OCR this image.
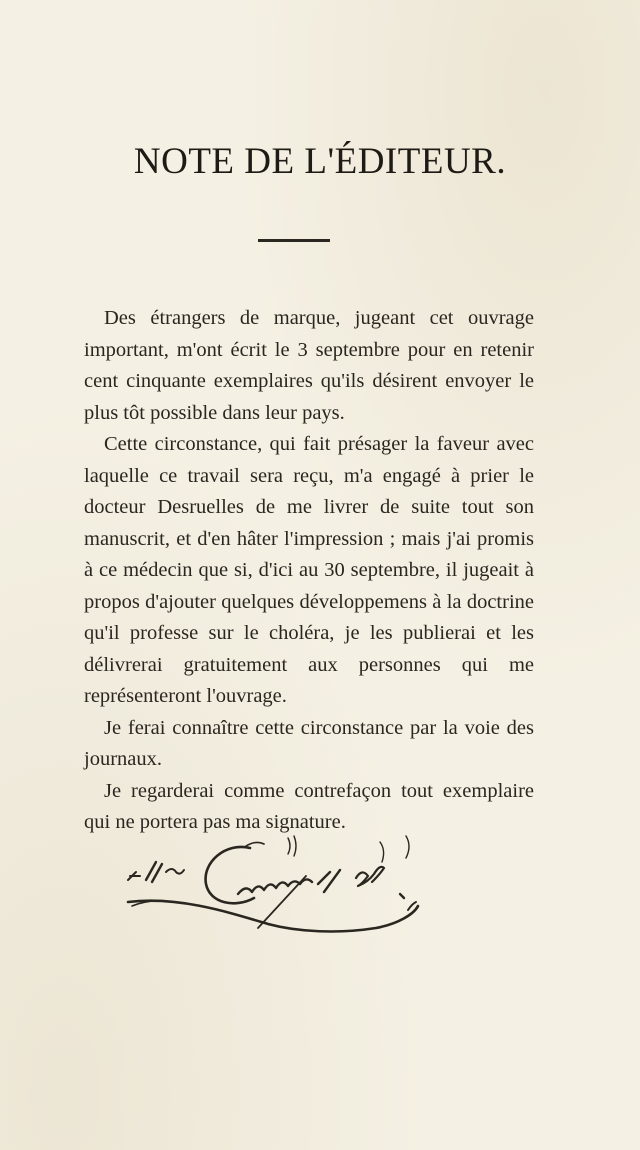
NOTE DE L'ÉDITEUR.

Des étrangers de marque, jugeant cet ouvrage important, m'ont écrit le 3 septembre pour en retenir cent cinquante exemplaires qu'ils désirent envoyer le plus tôt possible dans leur pays.

Cette circonstance, qui fait présager la faveur avec laquelle ce travail sera reçu, m'a engagé à prier le docteur Desruelles de me livrer de suite tout son manuscrit, et d'en hâter l'impression ; mais j'ai promis à ce médecin que si, d'ici au 30 septembre, il jugeait à propos d'ajouter quelques développemens à la doctrine qu'il professe sur le choléra, je les publierai et les délivrerai gratuitement aux personnes qui me représenteront l'ouvrage.

Je ferai connaître cette circonstance par la voie des journaux.

Je regarderai comme contrefaçon tout exemplaire qui ne portera pas ma signature.
